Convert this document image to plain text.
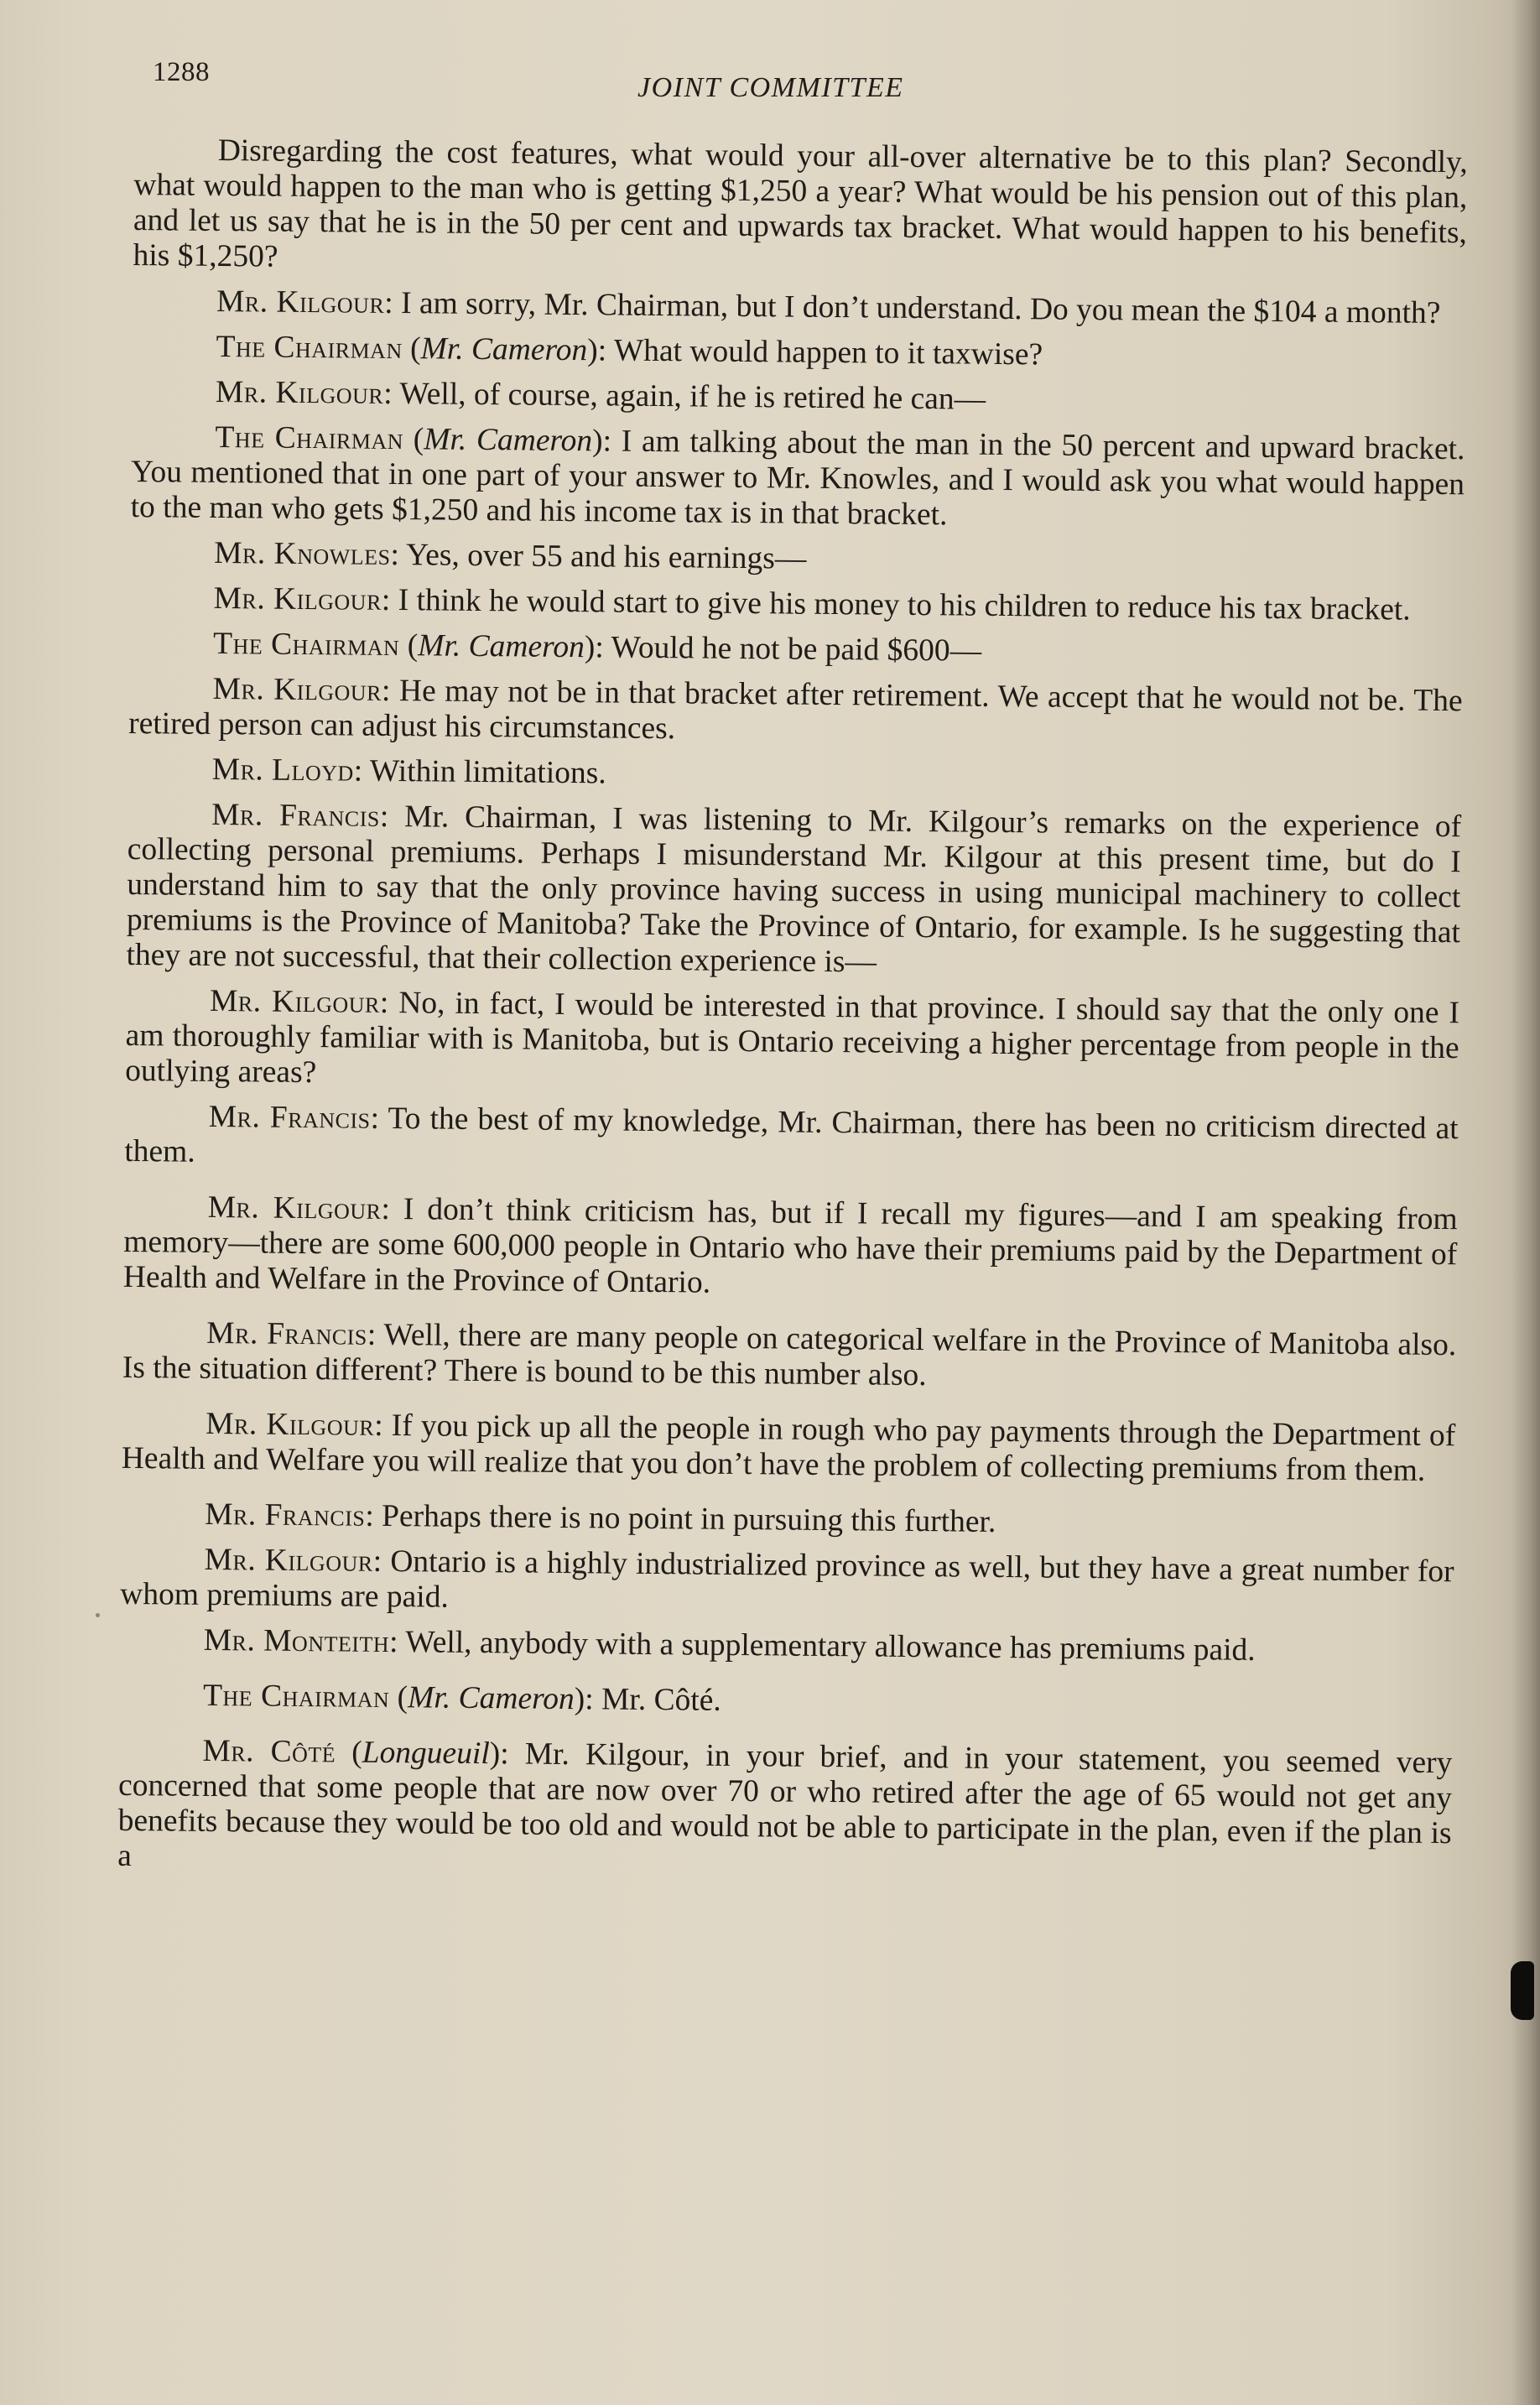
1288	JOINT COMMITTEE

Disregarding the cost features, what would your all-over alternative be to this plan? Secondly, what would happen to the man who is getting $1,250 a year? What would be his pension out of this plan, and let us say that he is in the 50 per cent and upwards tax bracket. What would happen to his benefits, his $1,250?

Mr. Kilgour: I am sorry, Mr. Chairman, but I don’t understand. Do you mean the $104 a month?

The Chairman (Mr. Cameron): What would happen to it taxwise?

Mr. Kilgour: Well, of course, again, if he is retired he can—

The Chairman (Mr. Cameron): I am talking about the man in the 50 percent and upward bracket. You mentioned that in one part of your answer to Mr. Knowles, and I would ask you what would happen to the man who gets $1,250 and his income tax is in that bracket.

Mr. Knowles: Yes, over 55 and his earnings—

Mr. Kilgour: I think he would start to give his money to his children to reduce his tax bracket.

The Chairman (Mr. Cameron): Would he not be paid $600—

Mr. Kilgour: He may not be in that bracket after retirement. We accept that he would not be. The retired person can adjust his circumstances.

Mr. Lloyd: Within limitations.

Mr. Francis: Mr. Chairman, I was listening to Mr. Kilgour’s remarks on the experience of collecting personal premiums. Perhaps I misunderstand Mr. Kilgour at this present time, but do I understand him to say that the only province having success in using municipal machinery to collect premiums is the Province of Manitoba? Take the Province of Ontario, for example. Is he suggesting that they are not successful, that their collection experience is—

Mr. Kilgour: No, in fact, I would be interested in that province. I should say that the only one I am thoroughly familiar with is Manitoba, but is Ontario receiving a higher percentage from people in the outlying areas?

Mr. Francis: To the best of my knowledge, Mr. Chairman, there has been no criticism directed at them.

Mr. Kilgour: I don’t think criticism has, but if I recall my figures—and I am speaking from memory—there are some 600,000 people in Ontario who have their premiums paid by the Department of Health and Welfare in the Province of Ontario.

Mr. Francis: Well, there are many people on categorical welfare in the Province of Manitoba also. Is the situation different? There is bound to be this number also.

Mr. Kilgour: If you pick up all the people in rough who pay payments through the Department of Health and Welfare you will realize that you don’t have the problem of collecting premiums from them.

Mr. Francis: Perhaps there is no point in pursuing this further.

Mr. Kilgour: Ontario is a highly industrialized province as well, but they have a great number for whom premiums are paid.

Mr. Monteith: Well, anybody with a supplementary allowance has premiums paid.

The Chairman (Mr. Cameron): Mr. Côté.

Mr. Côté (Longueuil): Mr. Kilgour, in your brief, and in your statement, you seemed very concerned that some people that are now over 70 or who retired after the age of 65 would not get any benefits because they would be too old and would not be able to participate in the plan, even if the plan is a
